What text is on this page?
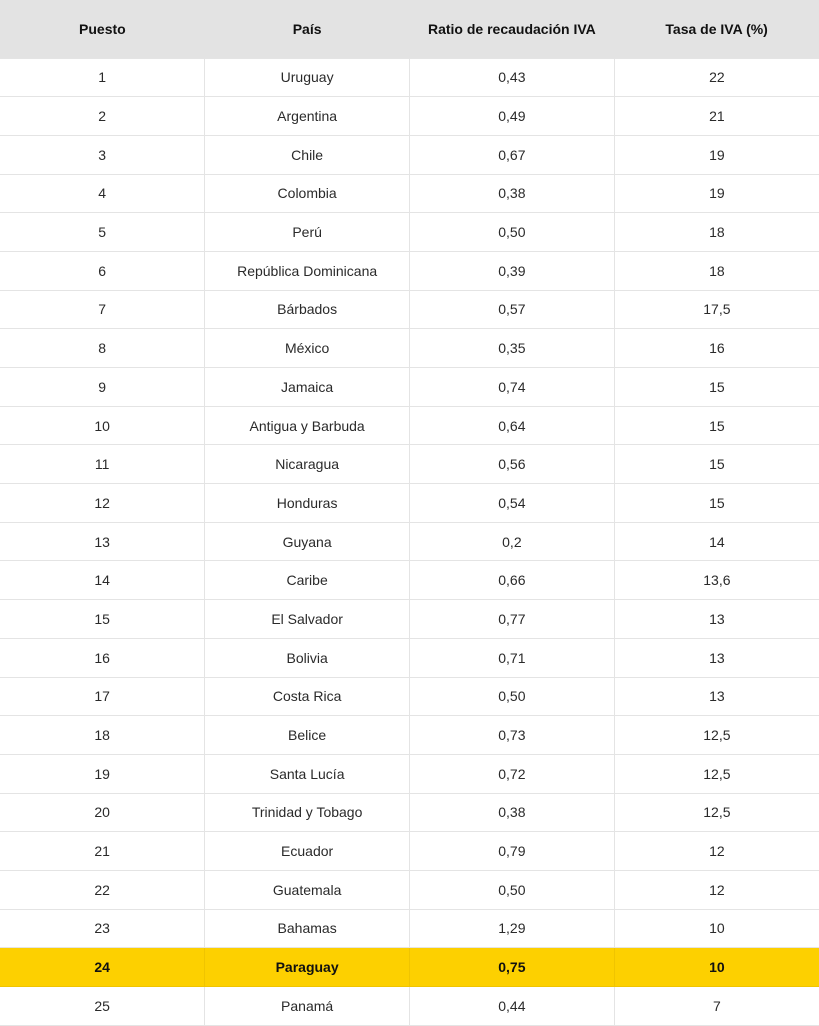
Puesto	País	Ratio de recaudación IVA	Tasa de IVA (%)
1	Uruguay	0,43	22
2	Argentina	0,49	21
3	Chile	0,67	19
4	Colombia	0,38	19
5	Perú	0,50	18
6	República Dominicana	0,39	18
7	Bárbados	0,57	17,5
8	México	0,35	16
9	Jamaica	0,74	15
10	Antigua y Barbuda	0,64	15
11	Nicaragua	0,56	15
12	Honduras	0,54	15
13	Guyana	0,2	14
14	Caribe	0,66	13,6
15	El Salvador	0,77	13
16	Bolivia	0,71	13
17	Costa Rica	0,50	13
18	Belice	0,73	12,5
19	Santa Lucía	0,72	12,5
20	Trinidad y Tobago	0,38	12,5
21	Ecuador	0,79	12
22	Guatemala	0,50	12
23	Bahamas	1,29	10
24	Paraguay	0,75	10
25	Panamá	0,44	7
